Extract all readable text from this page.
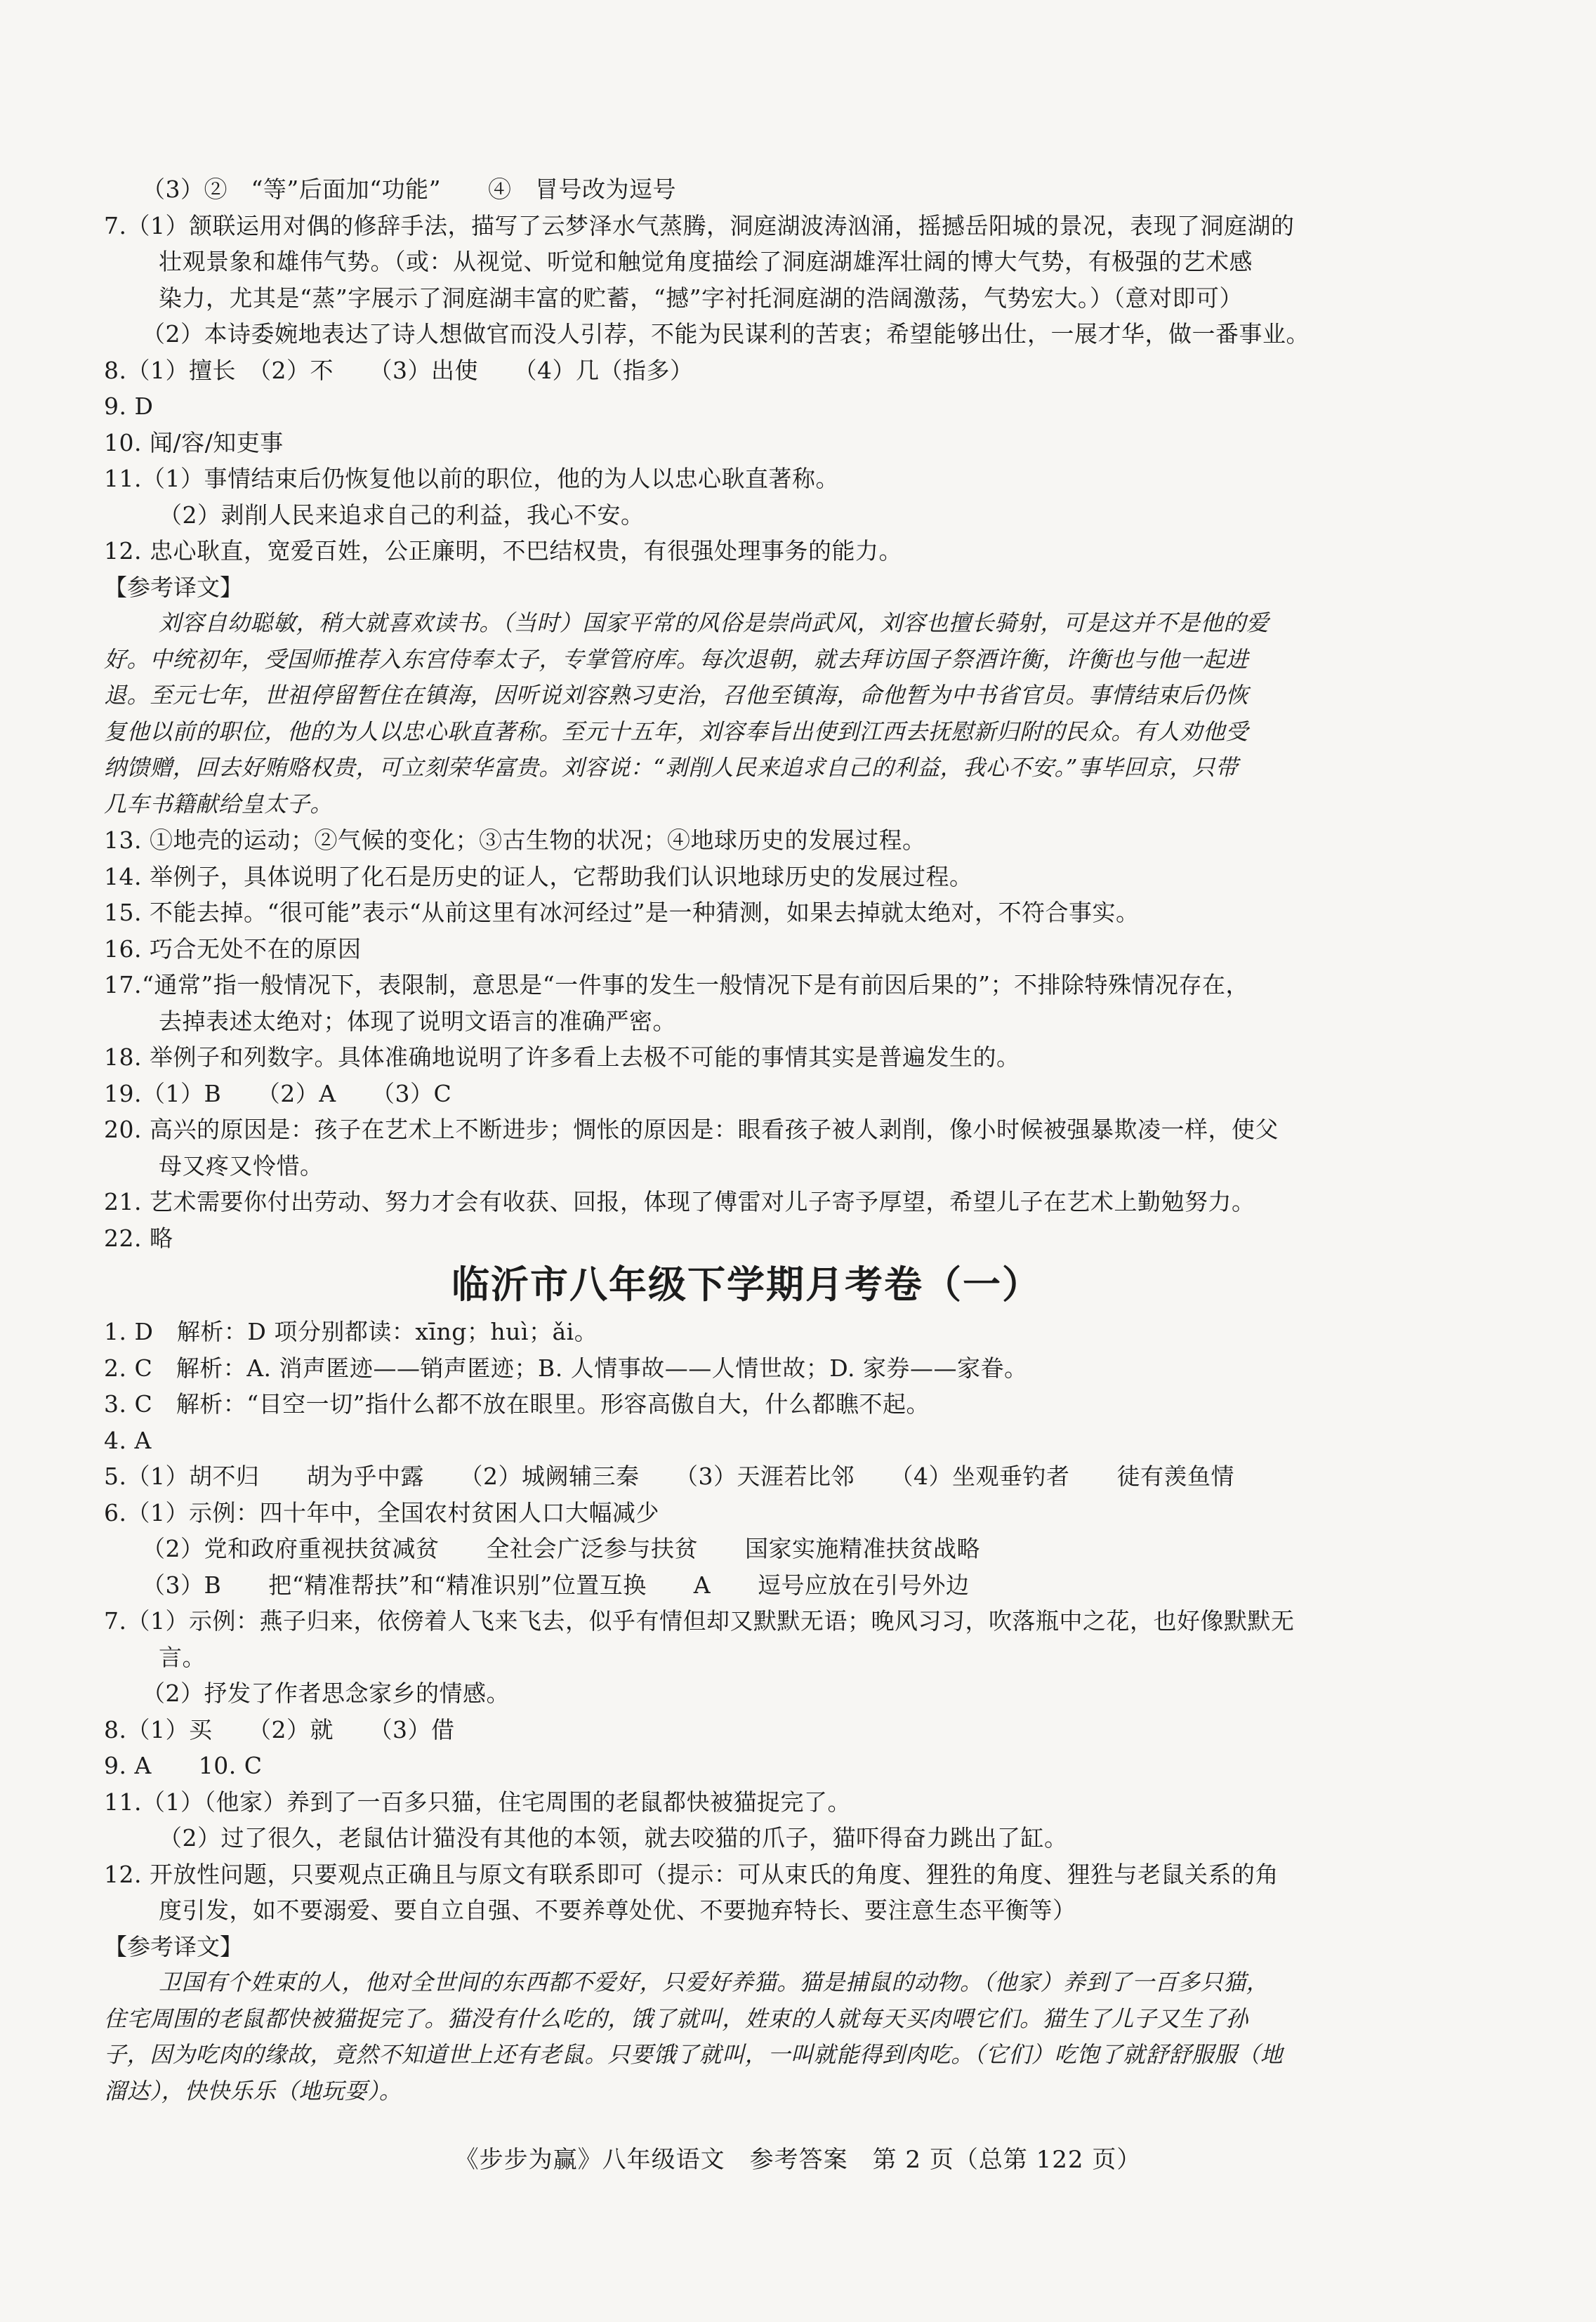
（3）②　“等”后面加“功能”　　④　冒号改为逗号
7.（1）颔联运用对偶的修辞手法，描写了云梦泽水气蒸腾，洞庭湖波涛汹涌，摇撼岳阳城的景况，表现了洞庭湖的
壮观景象和雄伟气势。（或：从视觉、听觉和触觉角度描绘了洞庭湖雄浑壮阔的博大气势，有极强的艺术感
染力，尤其是“蒸”字展示了洞庭湖丰富的贮蓄，“撼”字衬托洞庭湖的浩阔激荡，气势宏大。）（意对即可）
（2）本诗委婉地表达了诗人想做官而没人引荐，不能为民谋利的苦衷；希望能够出仕，一展才华，做一番事业。
8.（1）擅长　（2）不　　（3）出使　　（4）几（指多）
9. D
10. 闻/容/知吏事
11.（1）事情结束后仍恢复他以前的职位，他的为人以忠心耿直著称。
（2）剥削人民来追求自己的利益，我心不安。
12. 忠心耿直，宽爱百姓，公正廉明，不巴结权贵，有很强处理事务的能力。
【参考译文】
刘容自幼聪敏，稍大就喜欢读书。（当时）国家平常的风俗是崇尚武风，刘容也擅长骑射，可是这并不是他的爱
好。中统初年，受国师推荐入东宫侍奉太子，专掌管府库。每次退朝，就去拜访国子祭酒许衡，许衡也与他一起进
退。至元七年，世祖停留暂住在镇海，因听说刘容熟习吏治，召他至镇海，命他暂为中书省官员。事情结束后仍恢
复他以前的职位，他的为人以忠心耿直著称。至元十五年，刘容奉旨出使到江西去抚慰新归附的民众。有人劝他受
纳馈赠，回去好贿赂权贵，可立刻荣华富贵。刘容说：“剥削人民来追求自己的利益，我心不安。”事毕回京，只带
几车书籍献给皇太子。
13. ①地壳的运动；②气候的变化；③古生物的状况；④地球历史的发展过程。
14. 举例子，具体说明了化石是历史的证人，它帮助我们认识地球历史的发展过程。
15. 不能去掉。“很可能”表示“从前这里有冰河经过”是一种猜测，如果去掉就太绝对，不符合事实。
16. 巧合无处不在的原因
17.“通常”指一般情况下，表限制，意思是“一件事的发生一般情况下是有前因后果的”；不排除特殊情况存在，
去掉表述太绝对；体现了说明文语言的准确严密。
18. 举例子和列数字。具体准确地说明了许多看上去极不可能的事情其实是普遍发生的。
19.（1）B　　（2）A　　（3）C
20. 高兴的原因是：孩子在艺术上不断进步；惆怅的原因是：眼看孩子被人剥削，像小时候被强暴欺凌一样，使父
母又疼又怜惜。
21. 艺术需要你付出劳动、努力才会有收获、回报，体现了傅雷对儿子寄予厚望，希望儿子在艺术上勤勉努力。
22. 略
临沂市八年级下学期月考卷（一）
1. D　解析：D 项分别都读：xīng；huì；ǎi。
2. C　解析：A. 消声匿迹——销声匿迹；B. 人情事故——人情世故；D. 家券——家眷。
3. C　解析：“目空一切”指什么都不放在眼里。形容高傲自大，什么都瞧不起。
4. A
5.（1）胡不归　　胡为乎中露　　（2）城阙辅三秦　　（3）天涯若比邻　　（4）坐观垂钓者　　徒有羡鱼情
6.（1）示例：四十年中，全国农村贫困人口大幅减少
（2）党和政府重视扶贫减贫　　全社会广泛参与扶贫　　国家实施精准扶贫战略
（3）B　　把“精准帮扶”和“精准识别”位置互换　　A　　逗号应放在引号外边
7.（1）示例：燕子归来，依傍着人飞来飞去，似乎有情但却又默默无语；晚风习习，吹落瓶中之花，也好像默默无
言。
（2）抒发了作者思念家乡的情感。
8.（1）买　　（2）就　　（3）借
9. A　　10. C
11.（1）（他家）养到了一百多只猫，住宅周围的老鼠都快被猫捉完了。
（2）过了很久，老鼠估计猫没有其他的本领，就去咬猫的爪子，猫吓得奋力跳出了缸。
12. 开放性问题，只要观点正确且与原文有联系即可（提示：可从束氏的角度、狸狌的角度、狸狌与老鼠关系的角
度引发，如不要溺爱、要自立自强、不要养尊处优、不要抛弃特长、要注意生态平衡等）
【参考译文】
卫国有个姓束的人，他对全世间的东西都不爱好，只爱好养猫。猫是捕鼠的动物。（他家）养到了一百多只猫，
住宅周围的老鼠都快被猫捉完了。猫没有什么吃的，饿了就叫，姓束的人就每天买肉喂它们。猫生了儿子又生了孙
子，因为吃肉的缘故，竟然不知道世上还有老鼠。只要饿了就叫，一叫就能得到肉吃。（它们）吃饱了就舒舒服服（地
溜达），快快乐乐（地玩耍）。
《步步为赢》八年级语文　参考答案　第 2 页（总第 122 页）
